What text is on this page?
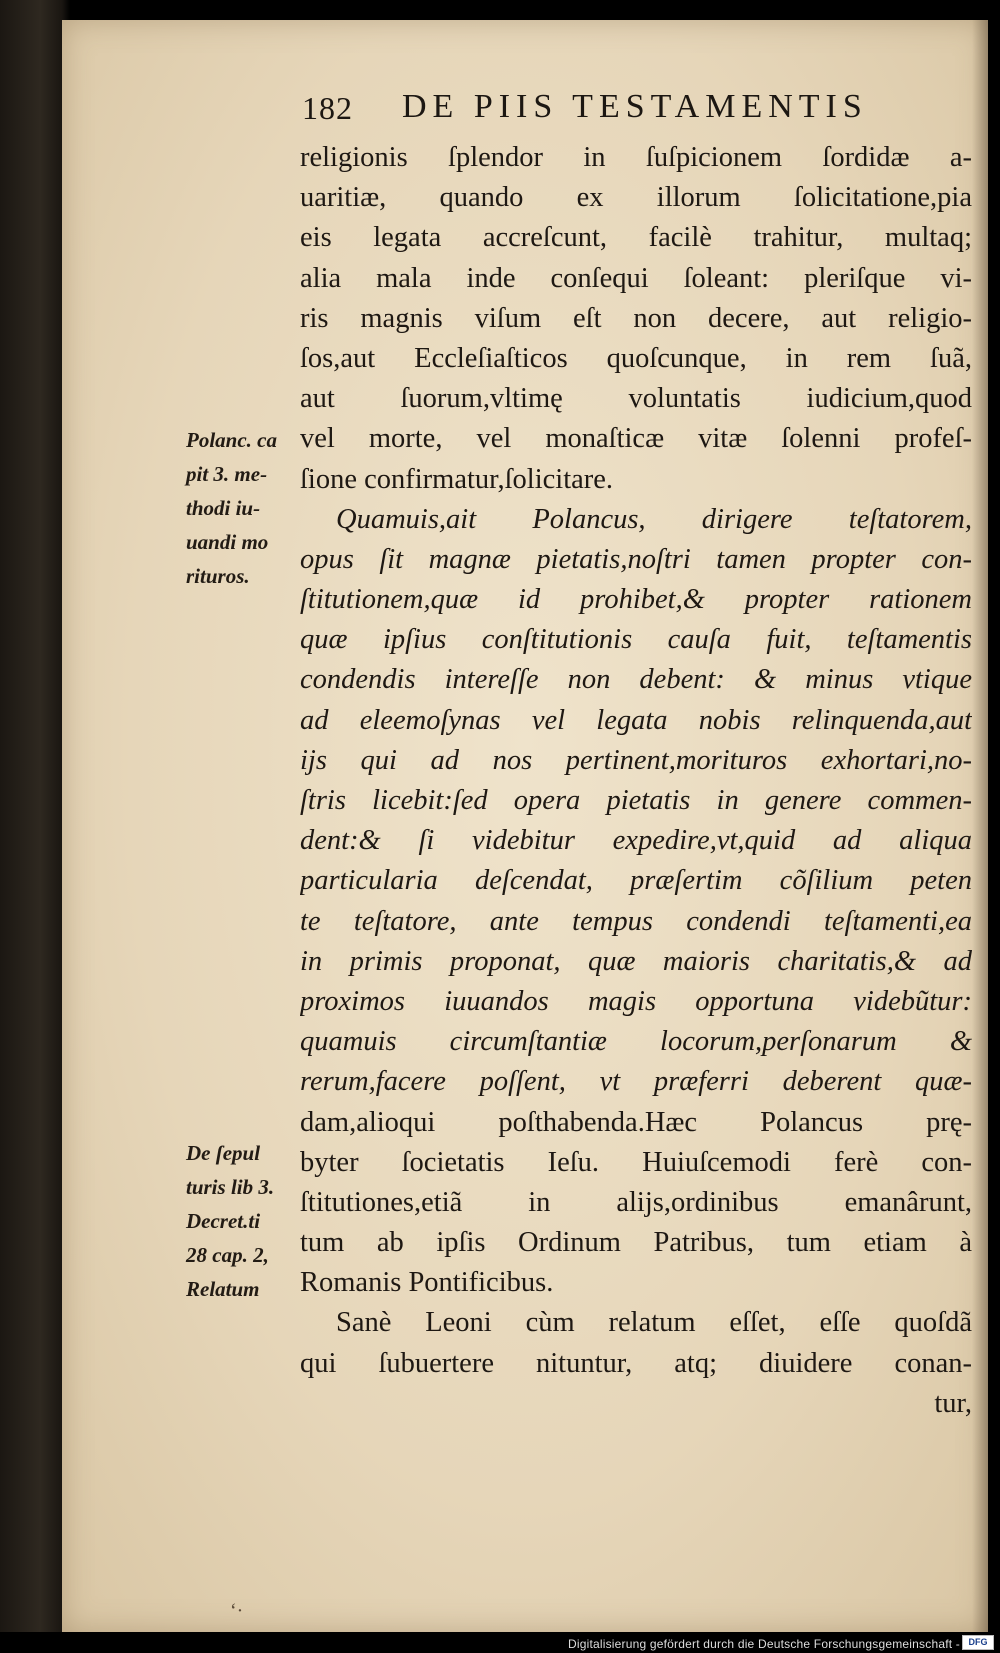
182 DE PIIS TESTAMENTIS
Polanc. ca
pit 3. me-
thodi iu-
uandi mo
rituros.
De ſepul
turis lib 3.
Decret.ti
28 cap. 2,
Relatum
religionis ſplendor in ſuſpicionem ſordidæ a-
uaritiæ, quando ex illorum ſolicitatione,pia
eis legata accreſcunt, facilè trahitur, multaq;
alia mala inde conſequi ſoleant: pleriſque vi-
ris magnis viſum eſt non decere, aut religio-
ſos,aut Eccleſiaſticos quoſcunque, in rem ſuã,
aut ſuorum,vltimę voluntatis iudicium,quod
vel morte, vel monaſticæ vitæ ſolenni profeſ-
ſione confirmatur,ſolicitare.
Quamuis,ait Polancus, dirigere teſtatorem,
opus ſit magnæ pietatis,noſtri tamen propter con-
ſtitutionem,quæ id prohibet,& propter rationem
quæ ipſius conſtitutionis cauſa fuit, teſtamentis
condendis intereſſe non debent: & minus vtique
ad eleemoſynas vel legata nobis relinquenda,aut
ijs qui ad nos pertinent,morituros exhortari,no-
ſtris licebit:ſed opera pietatis in genere commen-
dent:& ſi videbitur expedire,vt,quid ad aliqua
particularia deſcendat, præſertim cõſilium peten
te teſtatore, ante tempus condendi teſtamenti,ea
in primis proponat, quæ maioris charitatis,& ad
proximos iuuandos magis opportuna videbũtur:
quamuis circumſtantiæ locorum,perſonarum &
rerum,facere poſſent, vt præferri deberent quæ-
dam,alioqui poſthabenda.Hæc Polancus prę-
byter ſocietatis Ieſu. Huiuſcemodi ferè con-
ſtitutiones,etiã in alijs,ordinibus emanârunt,
tum ab ipſis Ordinum Patribus, tum etiam à
Romanis Pontificibus.
Sanè Leoni cùm relatum eſſet, eſſe quoſdã
qui ſubuertere nituntur, atq; diuidere conan-
tur,
ʻ·
Digitalisierung gefördert durch die Deutsche Forschungsgemeinschaft - DFG
